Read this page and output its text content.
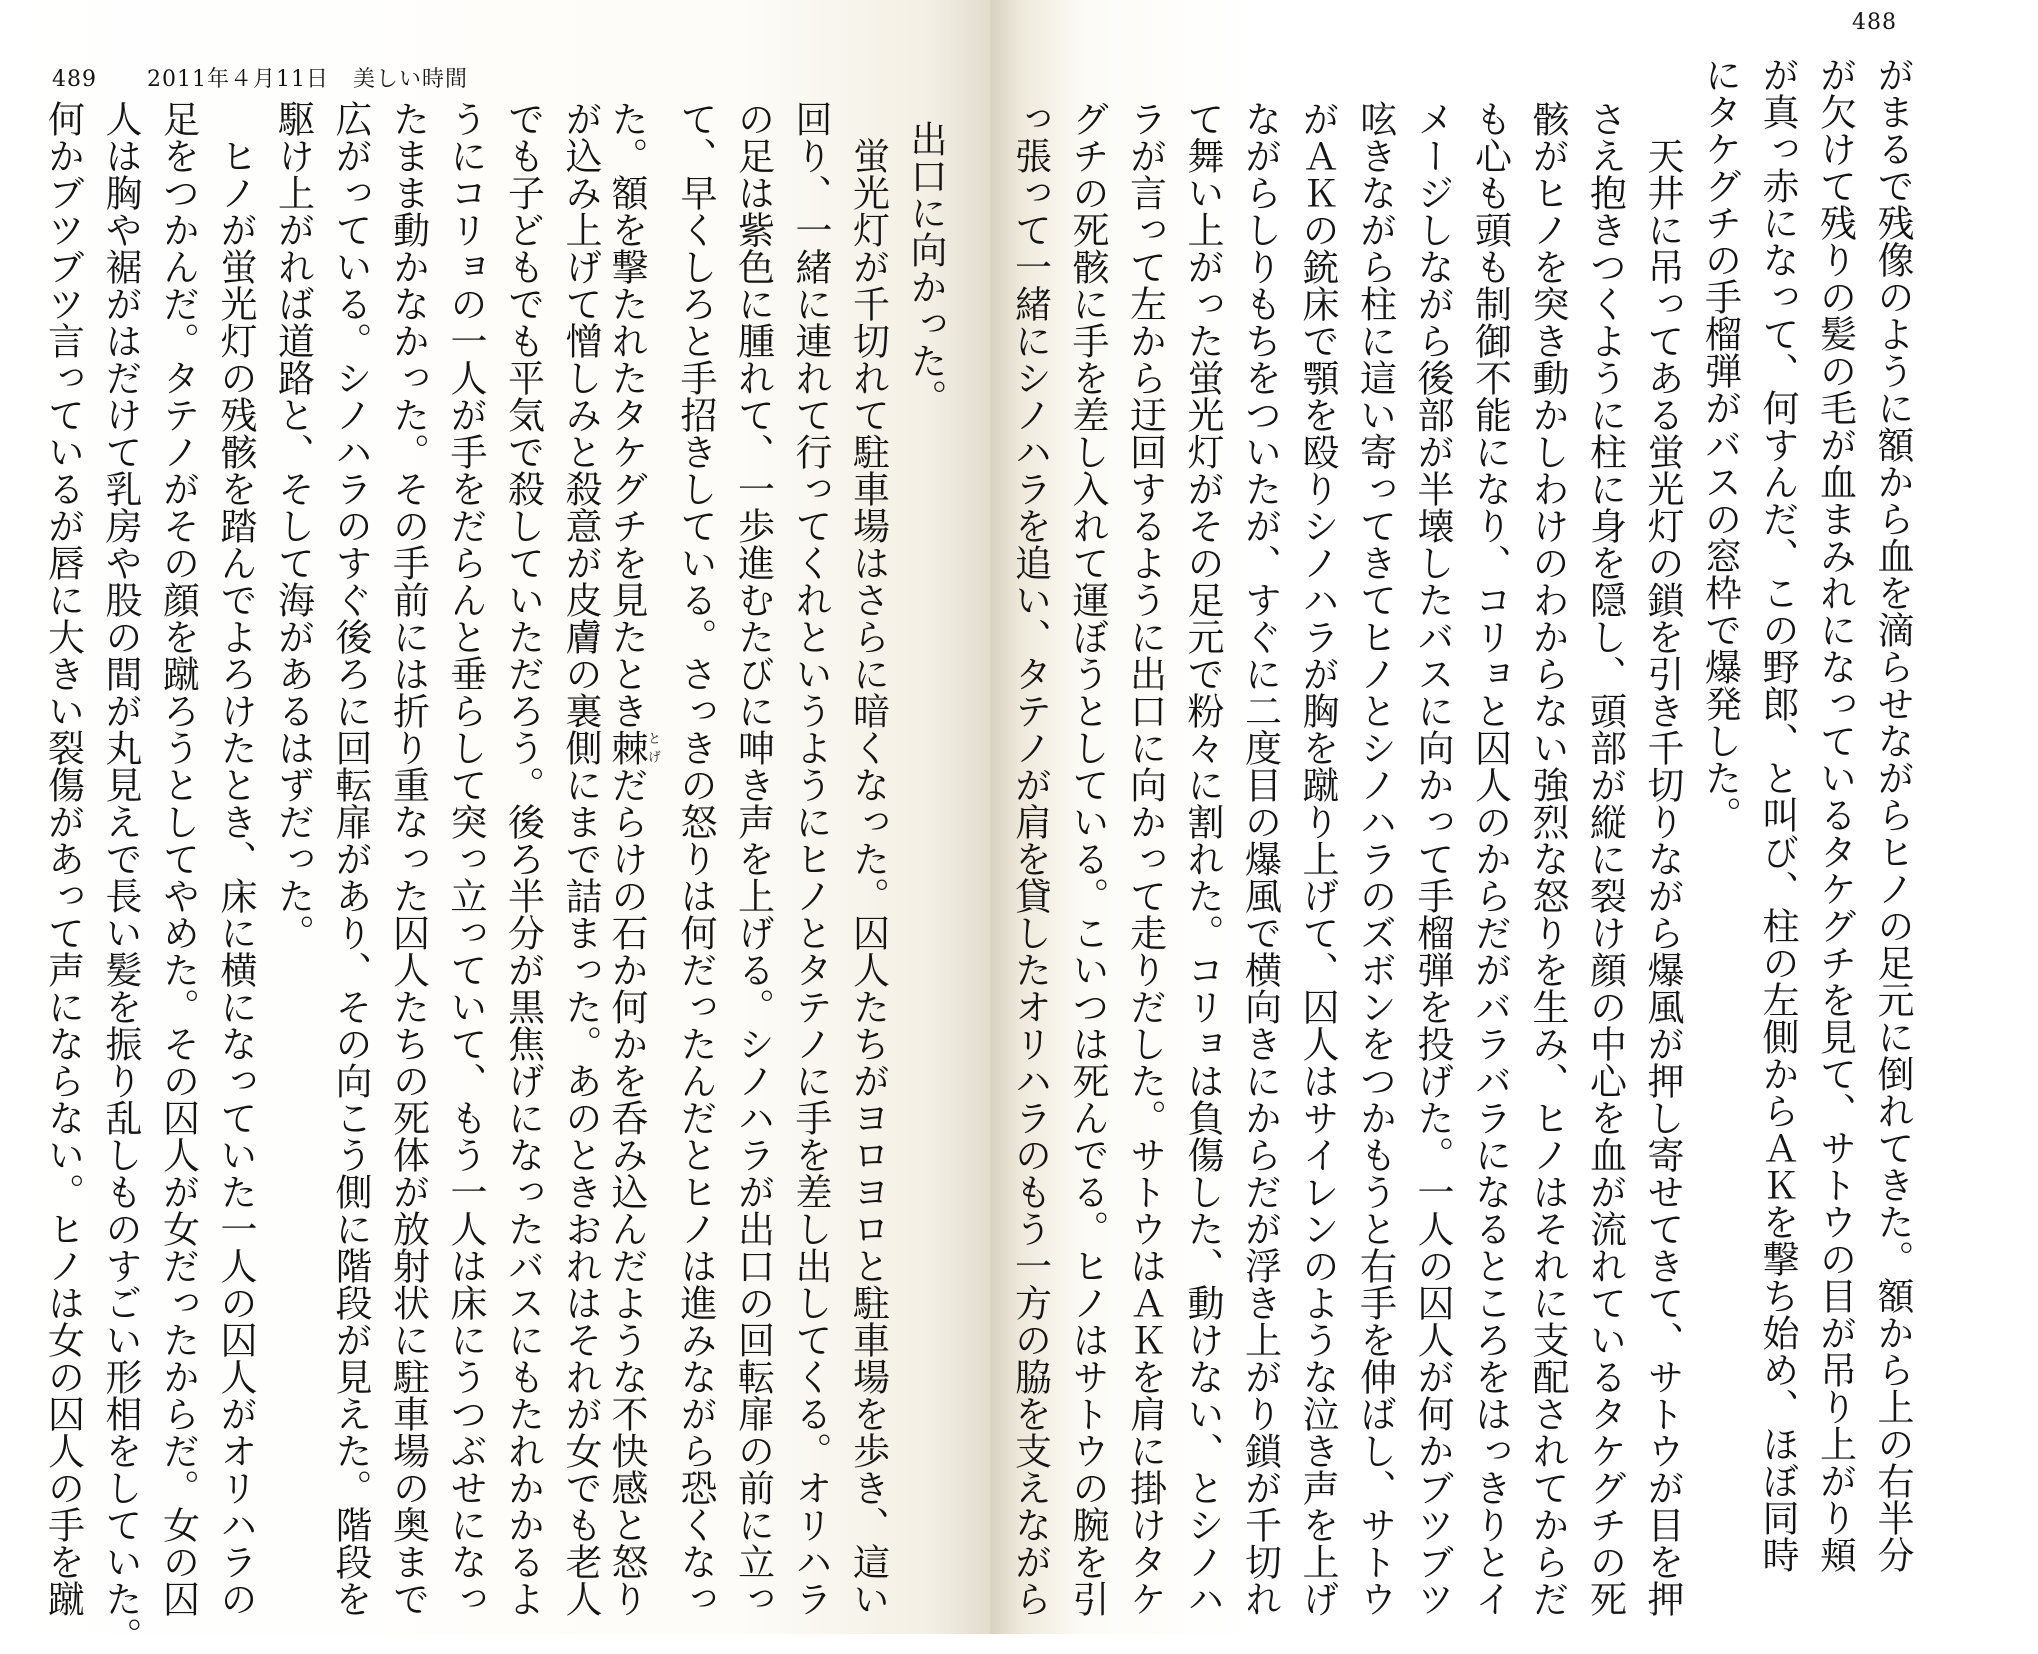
489 2011年４月11日 美しい時間
出口に向かった。
　蛍光灯が千切れて駐車場はさらに暗くなった。囚人たちがヨロヨロと駐車場を歩き、這い
回り、一緒に連れて行ってくれというようにヒノとタテノに手を差し出してくる。オリハラ
の足は紫色に腫れて、一歩進むたびに呻き声を上げる。シノハラが出口の回転扉の前に立っ
て、早くしろと手招きしている。さっきの怒りは何だったんだとヒノは進みながら恐くなっ
た。額を撃たれたタケグチを見たとき棘とげだらけの石か何かを呑み込んだような不快感と怒り
が込み上げて憎しみと殺意が皮膚の裏側にまで詰まった。あのときおれはそれが女でも老人
でも子どもでも平気で殺していただろう。後ろ半分が黒焦げになったバスにもたれかかるよ
うにコリョの一人が手をだらんと垂らして突っ立っていて、もう一人は床にうつぶせになっ
たまま動かなかった。その手前には折り重なった囚人たちの死体が放射状に駐車場の奥まで
広がっている。シノハラのすぐ後ろに回転扉があり、その向こう側に階段が見えた。階段を
駆け上がれば道路と、そして海があるはずだった。
　ヒノが蛍光灯の残骸を踏んでよろけたとき、床に横になっていた一人の囚人がオリハラの
足をつかんだ。タテノがその顔を蹴ろうとしてやめた。その囚人が女だったからだ。女の囚
人は胸や裾がはだけて乳房や股の間が丸見えで長い髪を振り乱しものすごい形相をしていた。
何かブツブツ言っているが唇に大きい裂傷があって声にならない。ヒノは女の囚人の手を蹴
488
がまるで残像のように額から血を滴らせながらヒノの足元に倒れてきた。額から上の右半分
が欠けて残りの髪の毛が血まみれになっているタケグチを見て、サトウの目が吊り上がり頬
が真っ赤になって、何すんだ、この野郎、と叫び、柱の左側からＡＫを撃ち始め、ほぼ同時
にタケグチの手榴弾がバスの窓枠で爆発した。
　天井に吊ってある蛍光灯の鎖を引き千切りながら爆風が押し寄せてきて、サトウが目を押
さえ抱きつくように柱に身を隠し、頭部が縦に裂け顔の中心を血が流れているタケグチの死
骸がヒノを突き動かしわけのわからない強烈な怒りを生み、ヒノはそれに支配されてからだ
も心も頭も制御不能になり、コリョと囚人のからだがバラバラになるところをはっきりとイ
メージしながら後部が半壊したバスに向かって手榴弾を投げた。一人の囚人が何かブツブツ
呟きながら柱に這い寄ってきてヒノとシノハラのズボンをつかもうと右手を伸ばし、サトウ
がＡＫの銃床で顎を殴りシノハラが胸を蹴り上げて、囚人はサイレンのような泣き声を上げ
ながらしりもちをついたが、すぐに二度目の爆風で横向きにからだが浮き上がり鎖が千切れ
て舞い上がった蛍光灯がその足元で粉々に割れた。コリョは負傷した、動けない、とシノハ
ラが言って左から迂回するように出口に向かって走りだした。サトウはＡＫを肩に掛けタケ
グチの死骸に手を差し入れて運ぼうとしている。こいつは死んでる。ヒノはサトウの腕を引
っ張って一緒にシノハラを追い、タテノが肩を貸したオリハラのもう一方の脇を支えながら
